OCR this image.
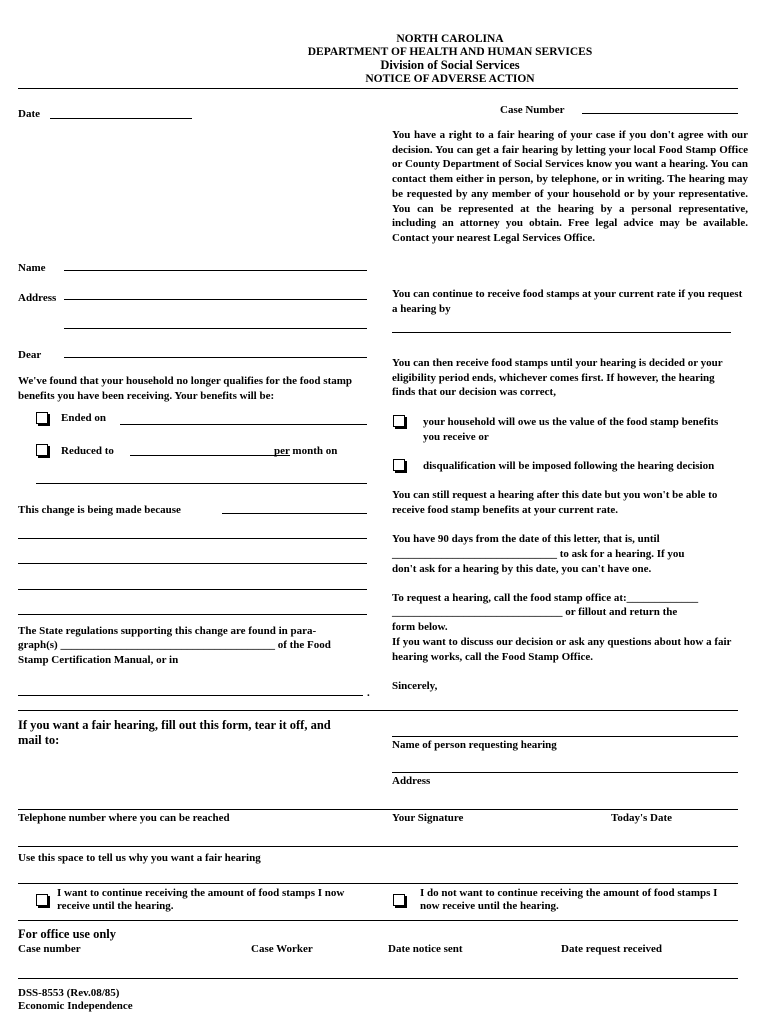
NORTH CAROLINA
DEPARTMENT OF HEALTH AND HUMAN SERVICES
Division of Social Services
NOTICE OF ADVERSE ACTION
Date
Name
Address
Dear
We've found that your household no longer qualifies for the food stamp benefits you have been receiving. Your benefits will be:
Ended on
Reduced to	per month on
This change is being made because
The State regulations supporting this change are found in para-
graph(s) _______________________________________ of the Food
Stamp Certification Manual, or in
.
Case Number
You have a right to a fair hearing of your case if you don't agree with our decision. You can get a fair hearing by letting your local Food Stamp Office or County Department of Social Services know you want a hearing. You can contact them either in person, by telephone, or in writing. The hearing may be requested by any member of your household or by your representative. You can be represented at the hearing by a personal representative, including an attorney you obtain. Free legal advice may be available. Contact your nearest Legal Services Office.
You can continue to receive food stamps at your current rate if you request a hearing by
You can then receive food stamps until your hearing is decided or your eligibility period ends, whichever comes first. If however, the hearing finds that our decision was correct,
your household will owe us the value of the food stamp benefits you receive or
disqualification will be imposed following the hearing decision
You can still request a hearing after this date but you won't be able to receive food stamp benefits at your current rate.
You have 90 days from the date of this letter, that is, until
______________________________ to ask for a hearing. If you
don't ask for a hearing by this date, you can't have one.
To request a hearing, call the food stamp office at:_____________
_______________________________ or fillout and return the
form below.
If you want to discuss our decision or ask any questions about how a fair hearing works, call the Food Stamp Office.
Sincerely,
If you want a fair hearing, fill out this form, tear it off, and mail to:	Name of person requesting hearing
Address
Telephone number where you can be reached	Your Signature	Today's Date
Use this space to tell us why you want a fair hearing
I want to continue receiving the amount of food stamps I now receive until the hearing.
I do not want to continue receiving the amount of food stamps I now receive until the hearing.
For office use only
Case number	Case Worker	Date notice sent	Date request received
DSS-8553 (Rev.08/85)
Economic Independence
